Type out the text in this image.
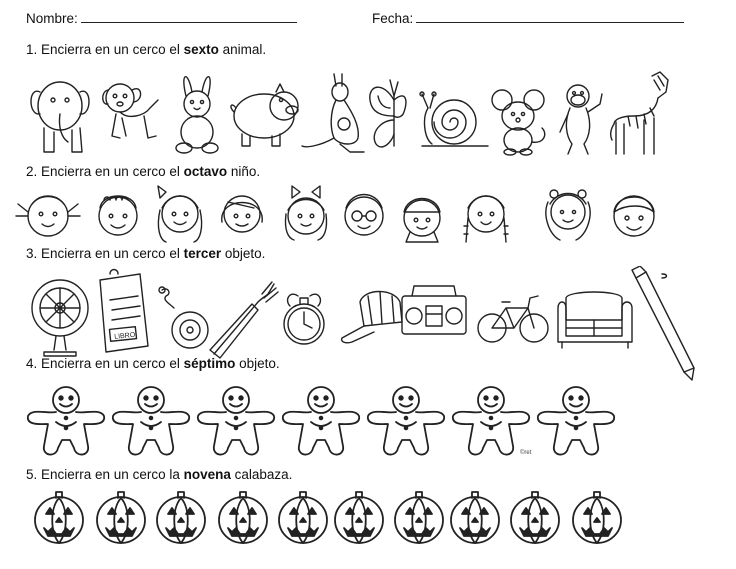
Nombre:	Fecha:
1. Encierra en un cerco el sexto animal.
2. Encierra en un cerco el octavo niño.
3. Encierra en un cerco el tercer objeto.
4. Encierra en un cerco el séptimo objeto.
5. Encierra en un cerco la novena calabaza.
LIBRO
©ret
